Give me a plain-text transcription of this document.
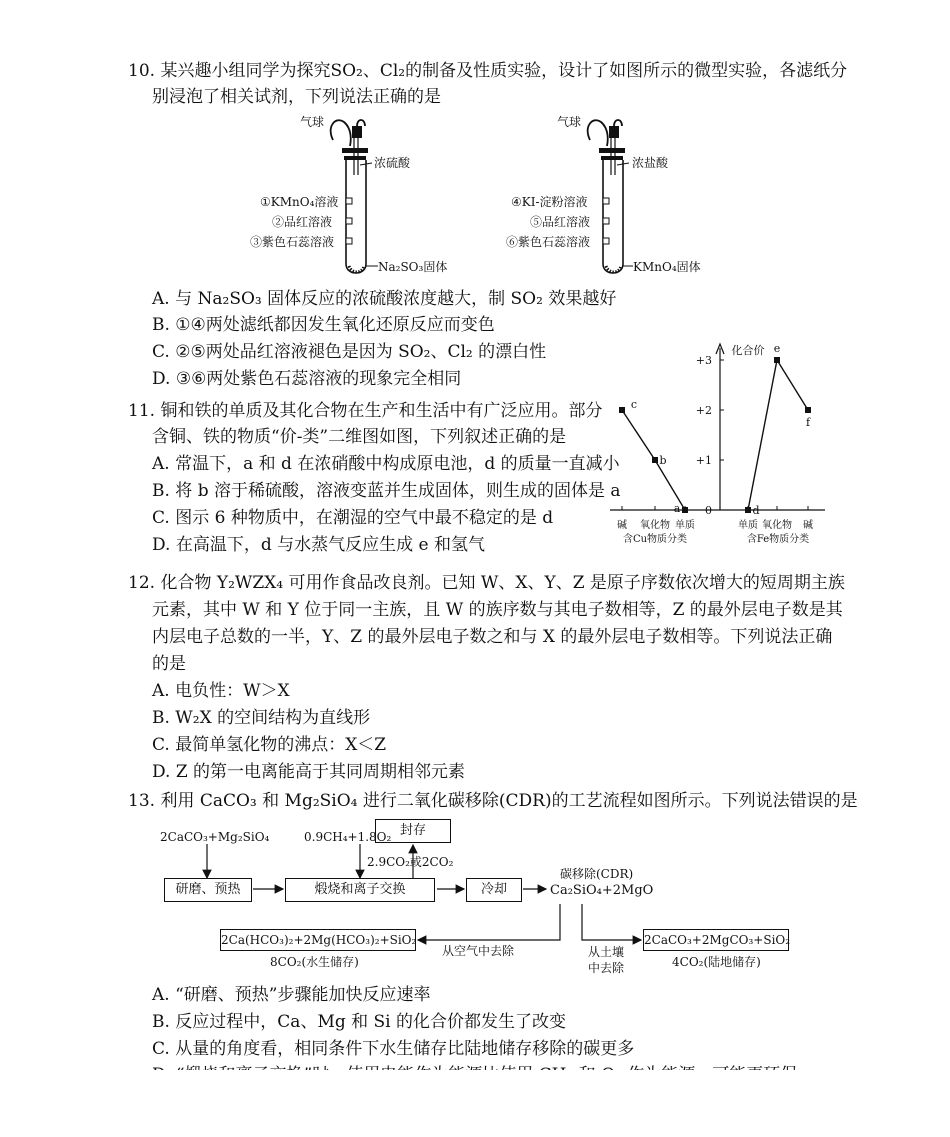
10. 某兴趣小组同学为探究SO₂、Cl₂的制备及性质实验，设计了如图所示的微型实验，各滤纸分
别浸泡了相关试剂，下列说法正确的是
气球
浓硫酸
①KMnO₄溶液
②品红溶液
③紫色石蕊溶液
Na₂SO₃固体
气球
浓盐酸
④KI-淀粉溶液
⑤品红溶液
⑥紫色石蕊溶液
KMnO₄固体
A. 与 Na₂SO₃ 固体反应的浓硫酸浓度越大，制 SO₂ 效果越好
B. ①④两处滤纸都因发生氧化还原反应而变色
C. ②⑤两处品红溶液褪色是因为 SO₂、Cl₂ 的漂白性
D. ③⑥两处紫色石蕊溶液的现象完全相同
11. 铜和铁的单质及其化合物在生产和生活中有广泛应用。部分
含铜、铁的物质“价-类”二维图如图，下列叙述正确的是
A. 常温下，a 和 d 在浓硝酸中构成原电池，d 的质量一直减小
B. 将 b 溶于稀硫酸，溶液变蓝并生成固体，则生成的固体是 a
C. 图示 6 种物质中，在潮湿的空气中最不稳定的是 d
D. 在高温下，d 与水蒸气反应生成 e 和氢气
化合价
+3
+2
+1
0
碱 氧化物 单质
含Cu物质分类
单质 氧化物 碱
含Fe物质分类
c
b
a	d
e
f
12. 化合物 Y₂WZX₄ 可用作食品改良剂。已知 W、X、Y、Z 是原子序数依次增大的短周期主族
元素，其中 W 和 Y 位于同一主族，且 W 的族序数与其电子数相等，Z 的最外层电子数是其
内层电子总数的一半，Y、Z 的最外层电子数之和与 X 的最外层电子数相等。下列说法正确
的是
A. 电负性：W＞X
B. W₂X 的空间结构为直线形
C. 最简单氢化物的沸点：X＜Z
D. Z 的第一电离能高于其同周期相邻元素
13. 利用 CaCO₃ 和 Mg₂SiO₄ 进行二氧化碳移除(CDR)的工艺流程如图所示。下列说法错误的是
2CaCO₃+Mg₂SiO₄	0.9CH₄+1.8O₂ 封存
2.9CO₂或2CO₂
研磨、预热	煅烧和离子交换	冷却
碳移除(CDR)
Ca₂SiO₄+2MgO
2Ca(HCO₃)₂+2Mg(HCO₃)₂+SiO₂
8CO₂(水生储存)
从空气中去除	从土壤
中去除
2CaCO₃+2MgCO₃+SiO₂
4CO₂(陆地储存)
A. “研磨、预热”步骤能加快反应速率
B. 反应过程中，Ca、Mg 和 Si 的化合价都发生了改变
C. 从量的角度看，相同条件下水生储存比陆地储存移除的碳更多
